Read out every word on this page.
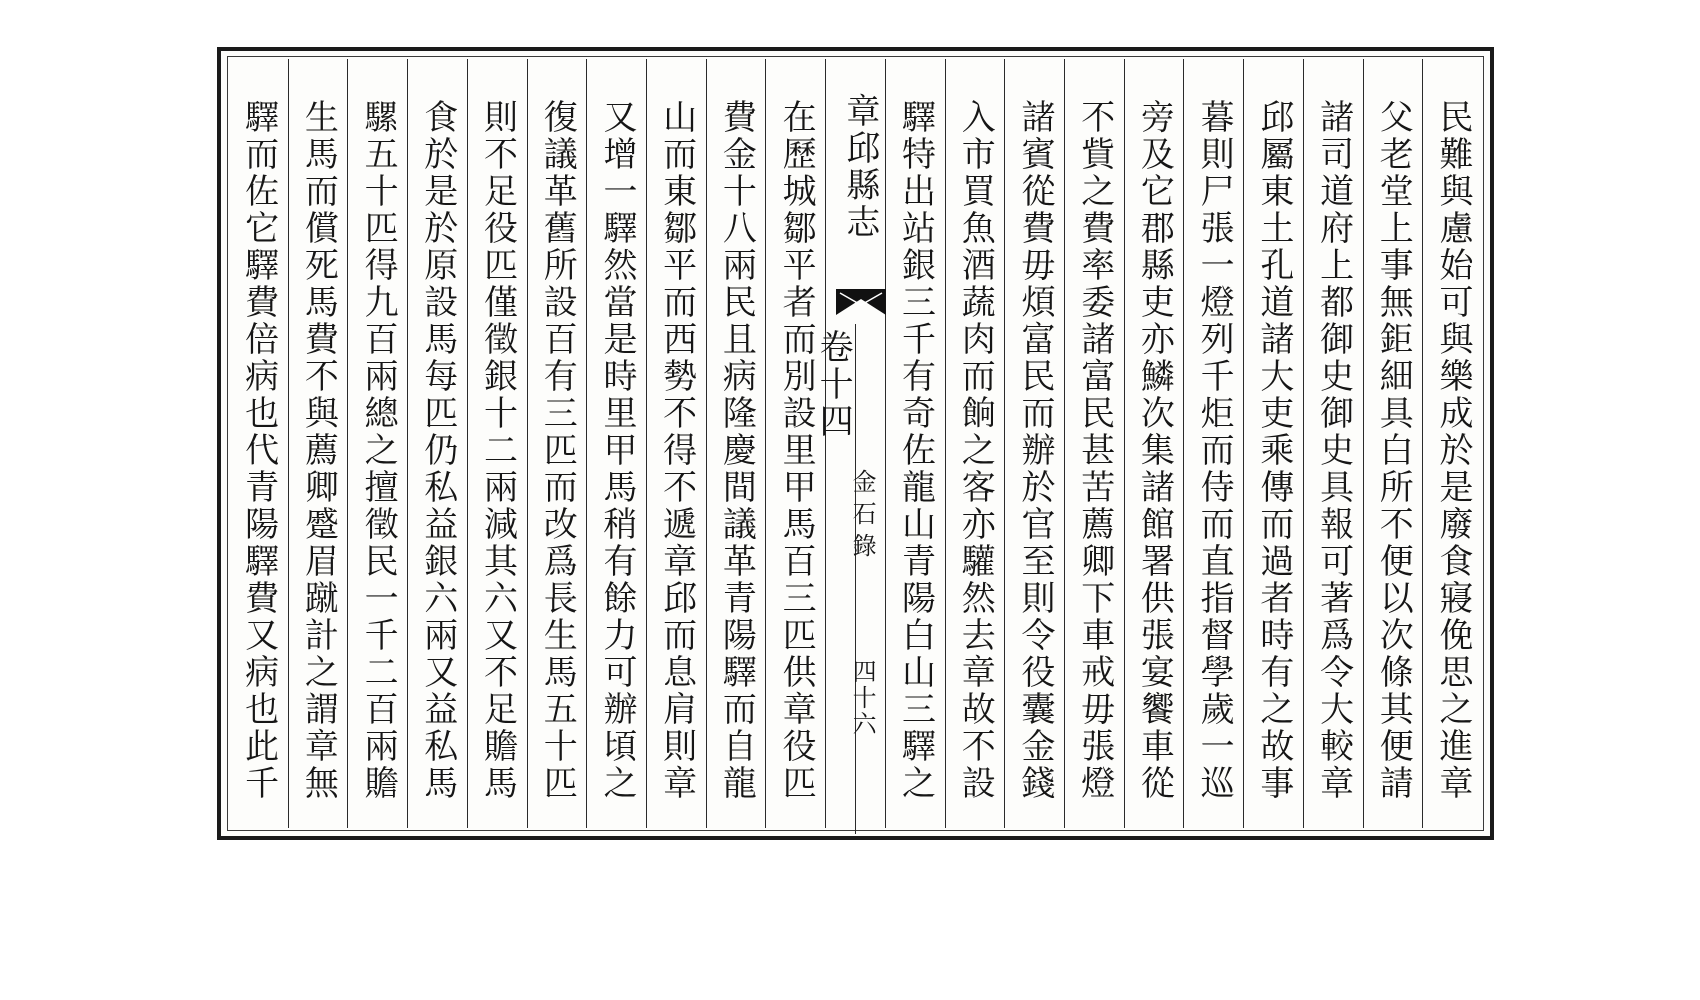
民難與慮始可與樂成於是廢食寢俛思之進章
父老堂上事無鉅細具白所不便以次條其便請
諸司道府上都御史御史具報可著爲令大較章
邱屬東土孔道諸大吏乘傳而過者時有之故事
暮則尸張一燈列千炬而侍而直指督學歲一巡
旁及它郡縣吏亦鱗次集諸館署供張宴饗車從
不貲之費率委諸富民甚苦薦卿下車戒毋張燈
諸賓從費毋煩富民而辦於官至則令役囊金錢
入市買魚酒蔬肉而餉之客亦驩然去章故不設
驛特出站銀三千有奇佐龍山青陽白山三驛之
章邱縣志
卷十四
金石錄
四十六
在歷城鄒平者而別設里甲馬百三匹供章役匹
費金十八兩民且病隆慶間議革青陽驛而自龍
山而東鄒平而西勢不得不遞章邱而息肩則章
又增一驛然當是時里甲馬稍有餘力可辦頃之
復議革舊所設百有三匹而改爲長生馬五十匹
則不足役匹僅徵銀十二兩減其六又不足贍馬
食於是於原設馬每匹仍私益銀六兩又益私馬
騾五十匹得九百兩總之擅徵民一千二百兩贍
生馬而償死馬費不與薦卿蹙眉蹴計之謂章無
驛而佐它驛費倍病也代青陽驛費又病也此千
